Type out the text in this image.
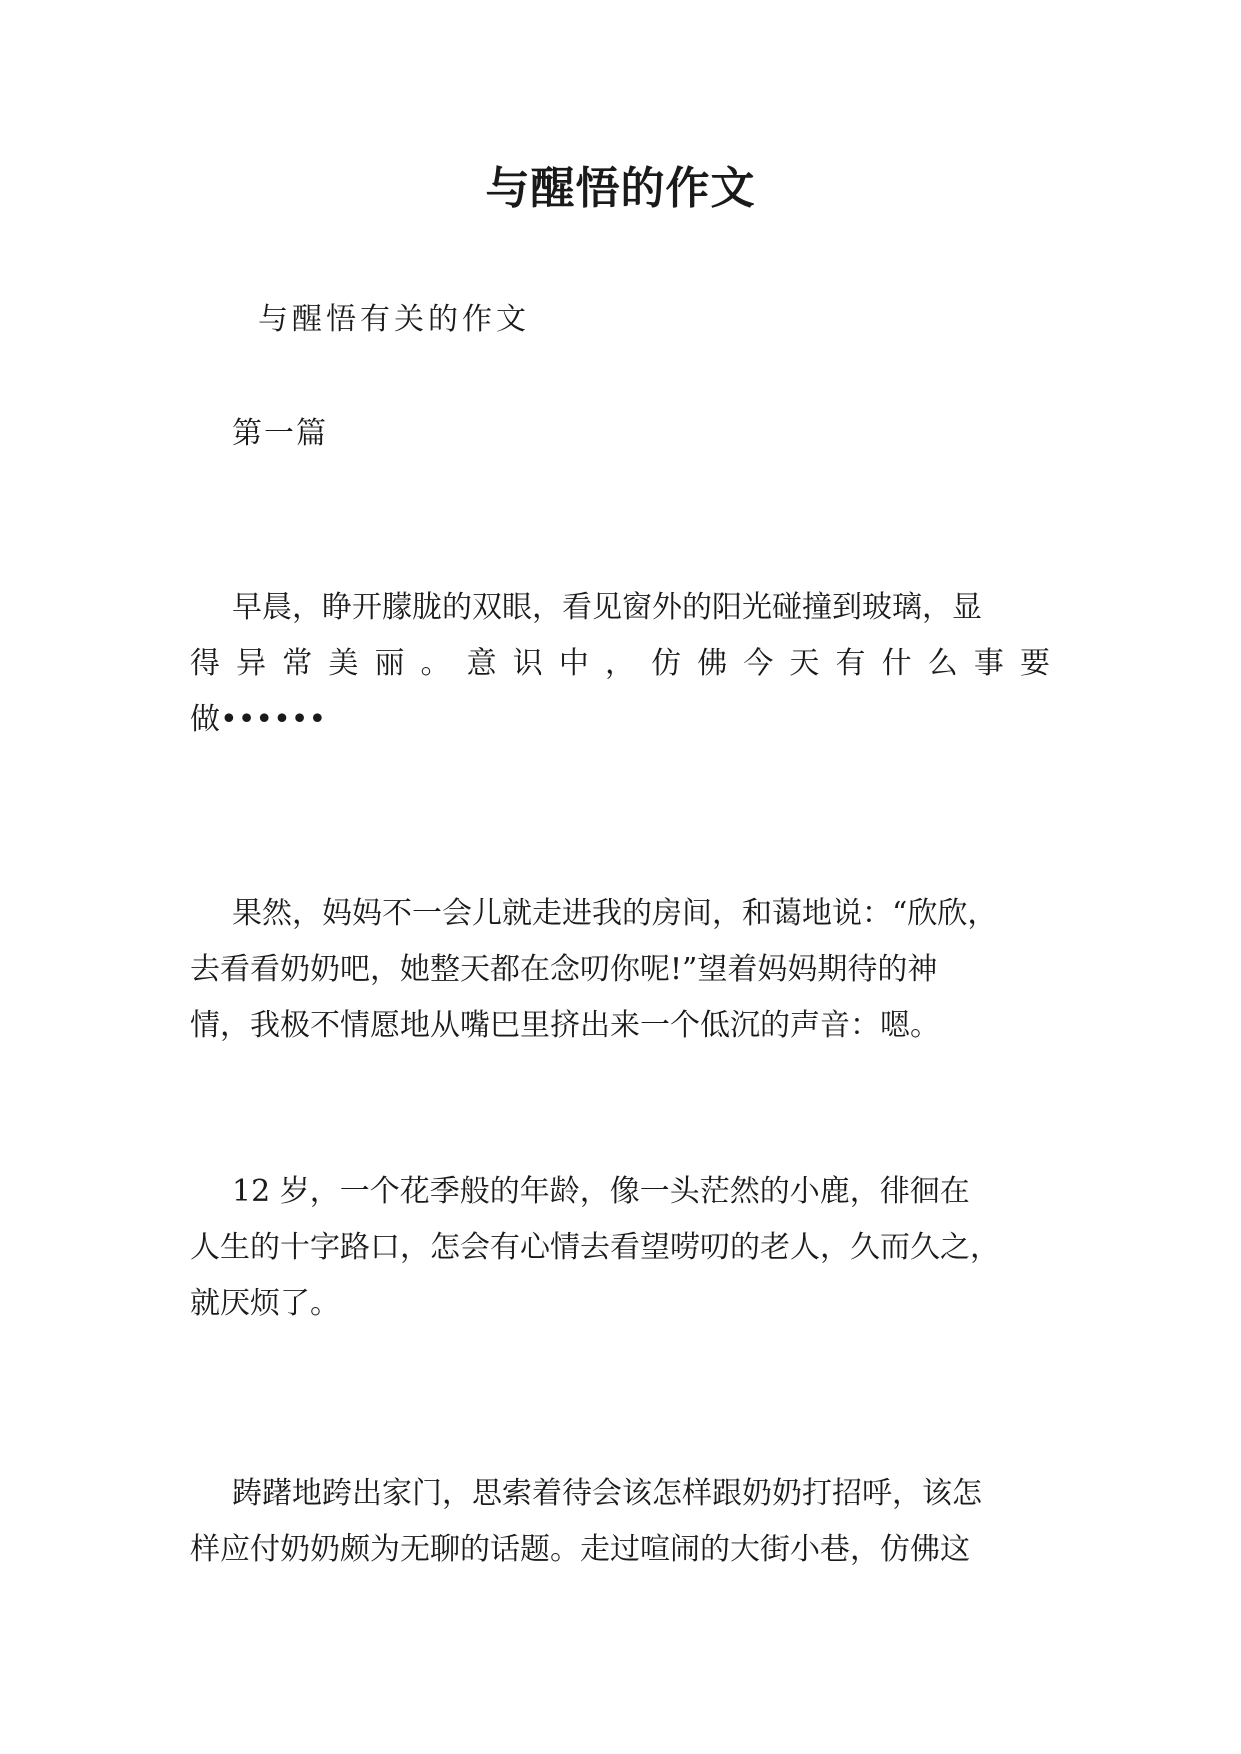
与醒悟的作文

与醒悟有关的作文

第一篇

早晨，睁开朦胧的双眼，看见窗外的阳光碰撞到玻璃，显
得 异 常 美 丽 。 意 识 中 ， 仿 佛 今 天 有 什 么 事 要
做••••••
果然，妈妈不一会儿就走进我的房间，和蔼地说：“欣欣，
去看看奶奶吧，她整天都在念叨你呢!”望着妈妈期待的神
情，我极不情愿地从嘴巴里挤出来一个低沉的声音：嗯。
12 岁，一个花季般的年龄，像一头茫然的小鹿，徘徊在
人生的十字路口，怎会有心情去看望唠叨的老人，久而久之，
就厌烦了。
踌躇地跨出家门，思索着待会该怎样跟奶奶打招呼，该怎
样应付奶奶颇为无聊的话题。走过喧闹的大街小巷，仿佛这
